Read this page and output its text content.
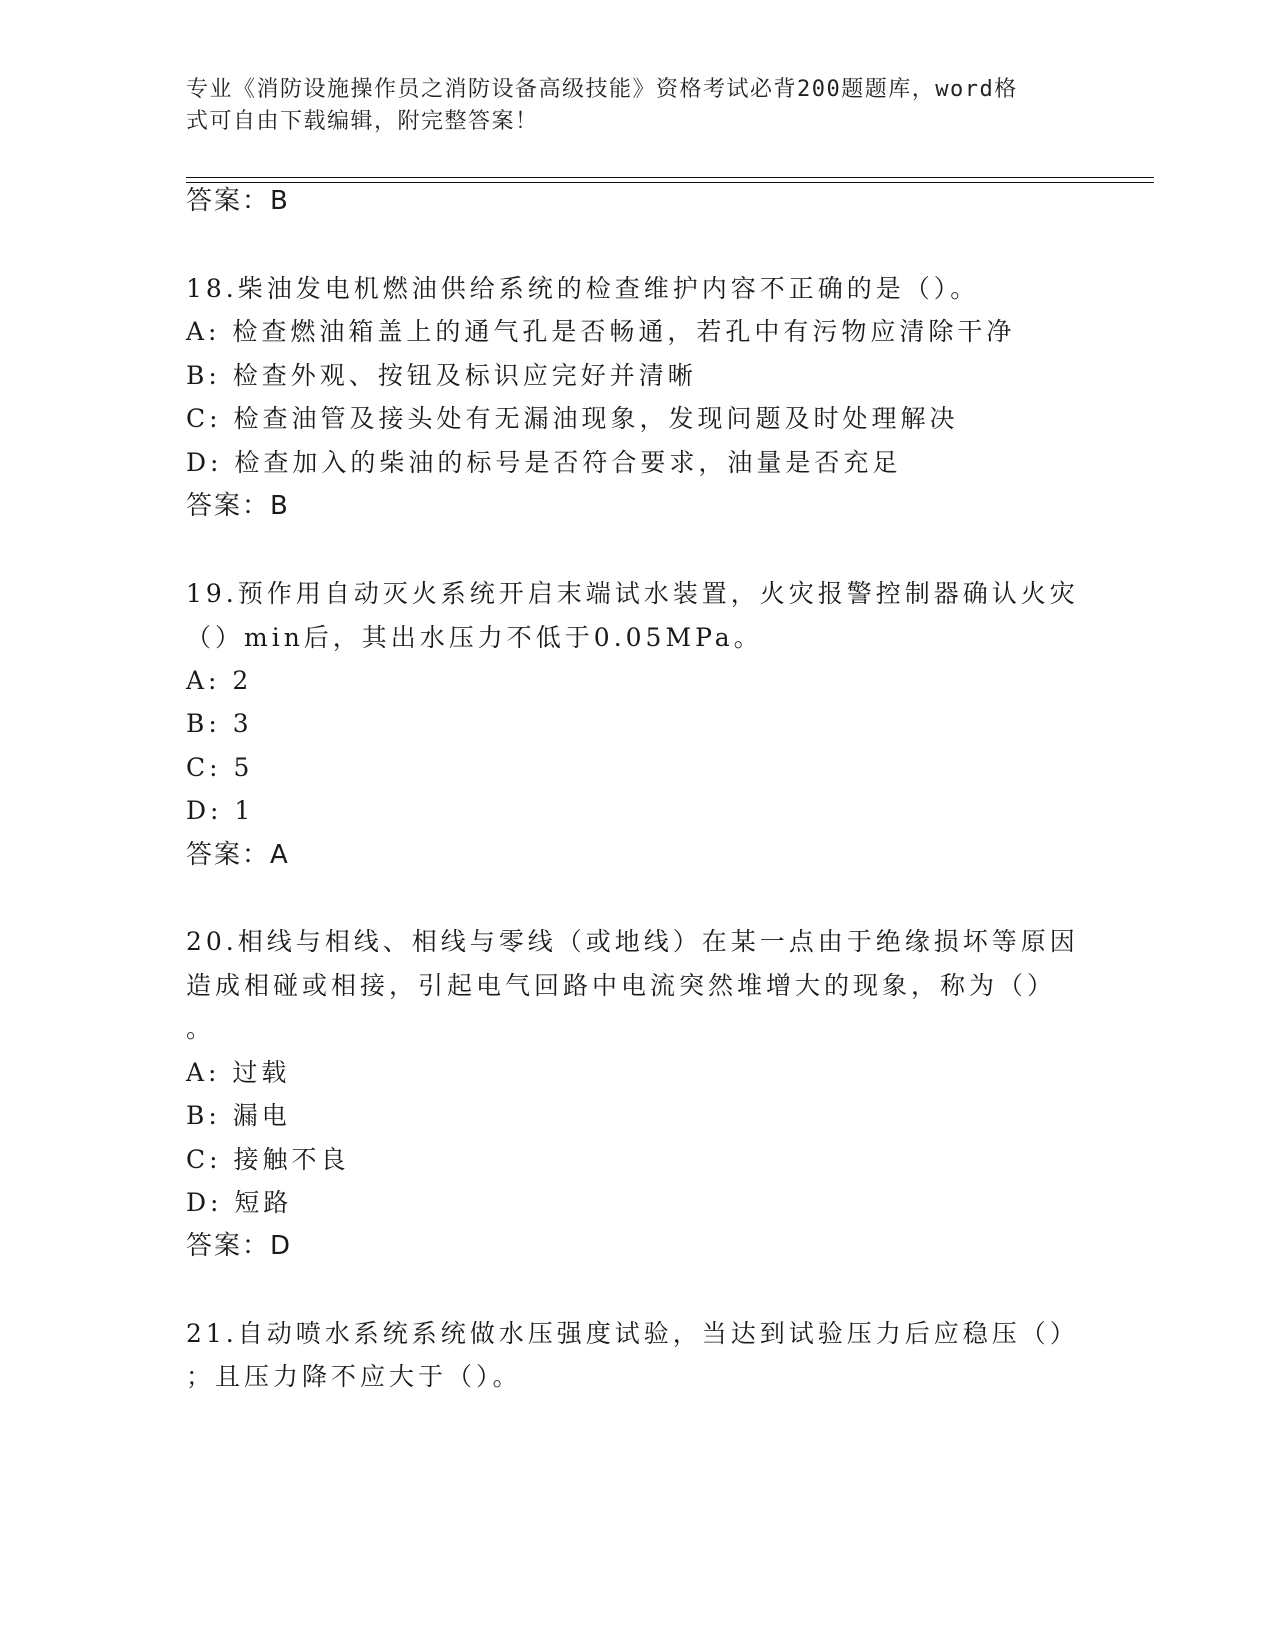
专业《消防设施操作员之消防设备高级技能》资格考试必背200题题库，word格
式可自由下载编辑，附完整答案！
答案：B
18.柴油发电机燃油供给系统的检查维护内容不正确的是（）。
A: 检查燃油箱盖上的通气孔是否畅通，若孔中有污物应清除干净
B: 检查外观、按钮及标识应完好并清晰
C: 检查油管及接头处有无漏油现象，发现问题及时处理解决
D: 检查加入的柴油的标号是否符合要求，油量是否充足
答案：B
19.预作用自动灭火系统开启末端试水装置，火灾报警控制器确认火灾
（）min后，其出水压力不低于0.05MPa。
A: 2
B: 3
C: 5
D: 1
答案：A
20.相线与相线、相线与零线（或地线）在某一点由于绝缘损坏等原因
造成相碰或相接，引起电气回路中电流突然堆增大的现象，称为（）
。
A: 过载
B: 漏电
C: 接触不良
D: 短路
答案：D
21.自动喷水系统系统做水压强度试验，当达到试验压力后应稳压（）
；且压力降不应大于（）。
